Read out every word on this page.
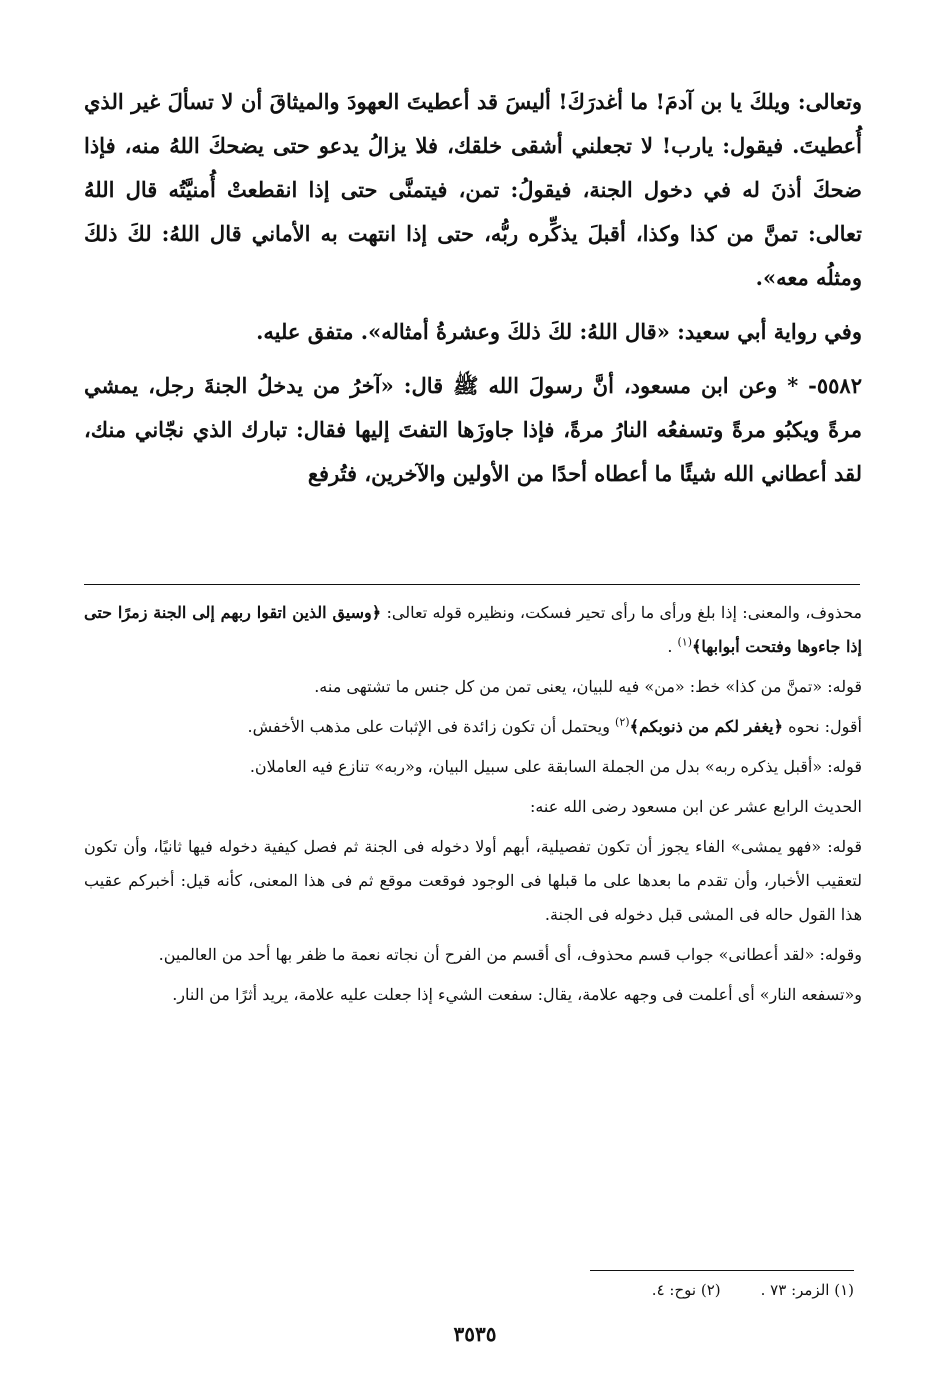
وتعالى: ويلكَ يا بن آدمَ! ما أغدرَكَ! أليسَ قد أعطيتَ العهودَ والميثاقَ أن لا تسألَ غير الذي أُعطيتَ. فيقول: يارب! لا تجعلني أشقى خلقك، فلا يزالُ يدعو حتى يضحكَ اللهُ منه، فإذا ضحكَ أذنَ له في دخول الجنة، فيقولُ: تمن، فيتمنَّى حتى إذا انقطعتْ أُمنيَّتُه قال اللهُ تعالى: تمنَّ من كذا وكذا، أقبلَ يذكِّره ربُّه، حتى إذا انتهت به الأماني قال اللهُ: لكَ ذلكَ ومثلُه معه».

وفي رواية أبي سعيد: «قال اللهُ: لكَ ذلكَ وعشرةُ أمثاله». متفق عليه.

٥٥٨٢- * وعن ابن مسعود، أنَّ رسولَ الله ﷺ قال: «آخرُ من يدخلُ الجنةَ رجل، يمشي مرةً ويكبُو مرةً وتسفعُه النارُ مرةً، فإذا جاوزَها التفتَ إليها فقال: تبارك الذي نجّاني منك، لقد أعطاني الله شيئًا ما أعطاه أحدًا من الأولين والآخرين، فتُرفع

محذوف، والمعنى: إذا بلغ ورأى ما رأى تحير فسكت، ونظيره قوله تعالى: ﴿وسيق الذين اتقوا ربهم إلى الجنة زمرًا حتى إذا جاءوها وفتحت أبوابها﴾$^{(١)}$ .

قوله: «تمنَّ من كذا» خط: «من» فيه للبيان، يعنى تمن من كل جنس ما تشتهى منه.

أقول: نحوه ﴿يغفر لكم من ذنوبكم﴾$^{(٢)}$ ويحتمل أن تكون زائدة فى الإثبات على مذهب الأخفش.

قوله: «أقبل يذكره ربه» بدل من الجملة السابقة على سبيل البيان، و«ربه» تنازع فيه العاملان.

الحديث الرابع عشر عن ابن مسعود رضى الله عنه:

قوله: «فهو يمشى» الفاء يجوز أن تكون تفصيلية، أبهم أولا دخوله فى الجنة ثم فصل كيفية دخوله فيها ثانيًا، وأن تكون لتعقيب الأخبار، وأن تقدم ما بعدها على ما قبلها فى الوجود فوقعت موقع ثم فى هذا المعنى، كأنه قيل: أخبركم عقيب هذا القول حاله فى المشى قبل دخوله فى الجنة.

وقوله: «لقد أعطانى» جواب قسم محذوف، أى أقسم من الفرح أن نجاته نعمة ما ظفر بها أحد من العالمين.

و«تسفعه النار» أى أعلمت فى وجهه علامة، يقال: سفعت الشيء إذا جعلت عليه علامة، يريد أثرًا من النار.

(١) الزمر: ٧٣ .(٢) نوح: ٤.
٣٥٣٥
